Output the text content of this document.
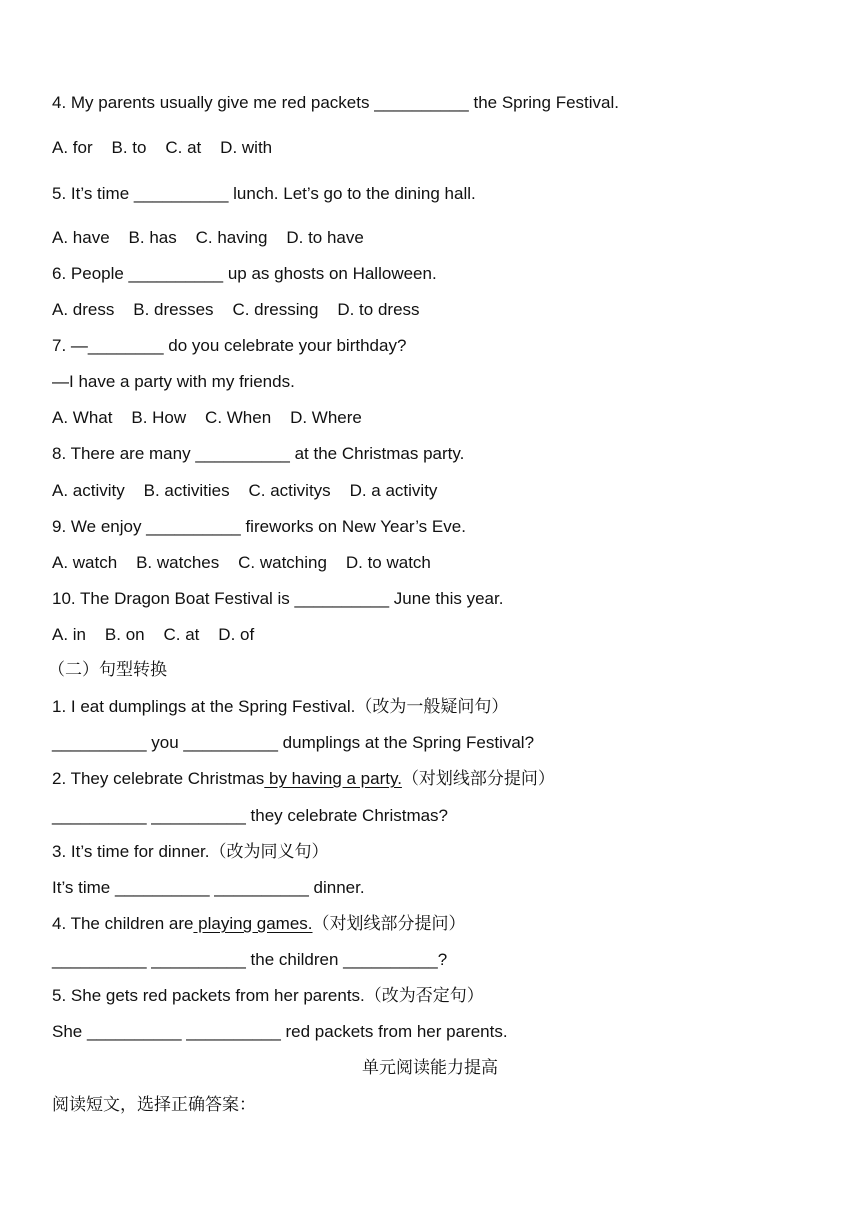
4. My parents usually give me red packets __________ the Spring Festival.
A. for    B. to    C. at    D. with
5. It’s time __________ lunch. Let’s go to the dining hall.
A. have    B. has    C. having    D. to have
6. People __________ up as ghosts on Halloween.
A. dress    B. dresses    C. dressing    D. to dress
7. —________ do you celebrate your birthday?
—I have a party with my friends.
A. What    B. How    C. When    D. Where
8. There are many __________ at the Christmas party.
A. activity    B. activities    C. activitys    D. a activity
9. We enjoy __________ fireworks on New Year’s Eve.
A. watch    B. watches    C. watching    D. to watch
10. The Dragon Boat Festival is __________ June this year.
A. in    B. on    C. at    D. of
（二）句型转换
1. I eat dumplings at the Spring Festival.（改为一般疑问句）
__________ you __________ dumplings at the Spring Festival?
2. They celebrate Christmas by having a party.（对划线部分提问）
__________ __________ they celebrate Christmas?
3. It’s time for dinner.（改为同义句）
It’s time __________ __________ dinner.
4. The children are playing games.（对划线部分提问）
__________ __________ the children __________?
5. She gets red packets from her parents.（改为否定句）
She __________ __________ red packets from her parents.
单元阅读能力提高
阅读短文，选择正确答案：
